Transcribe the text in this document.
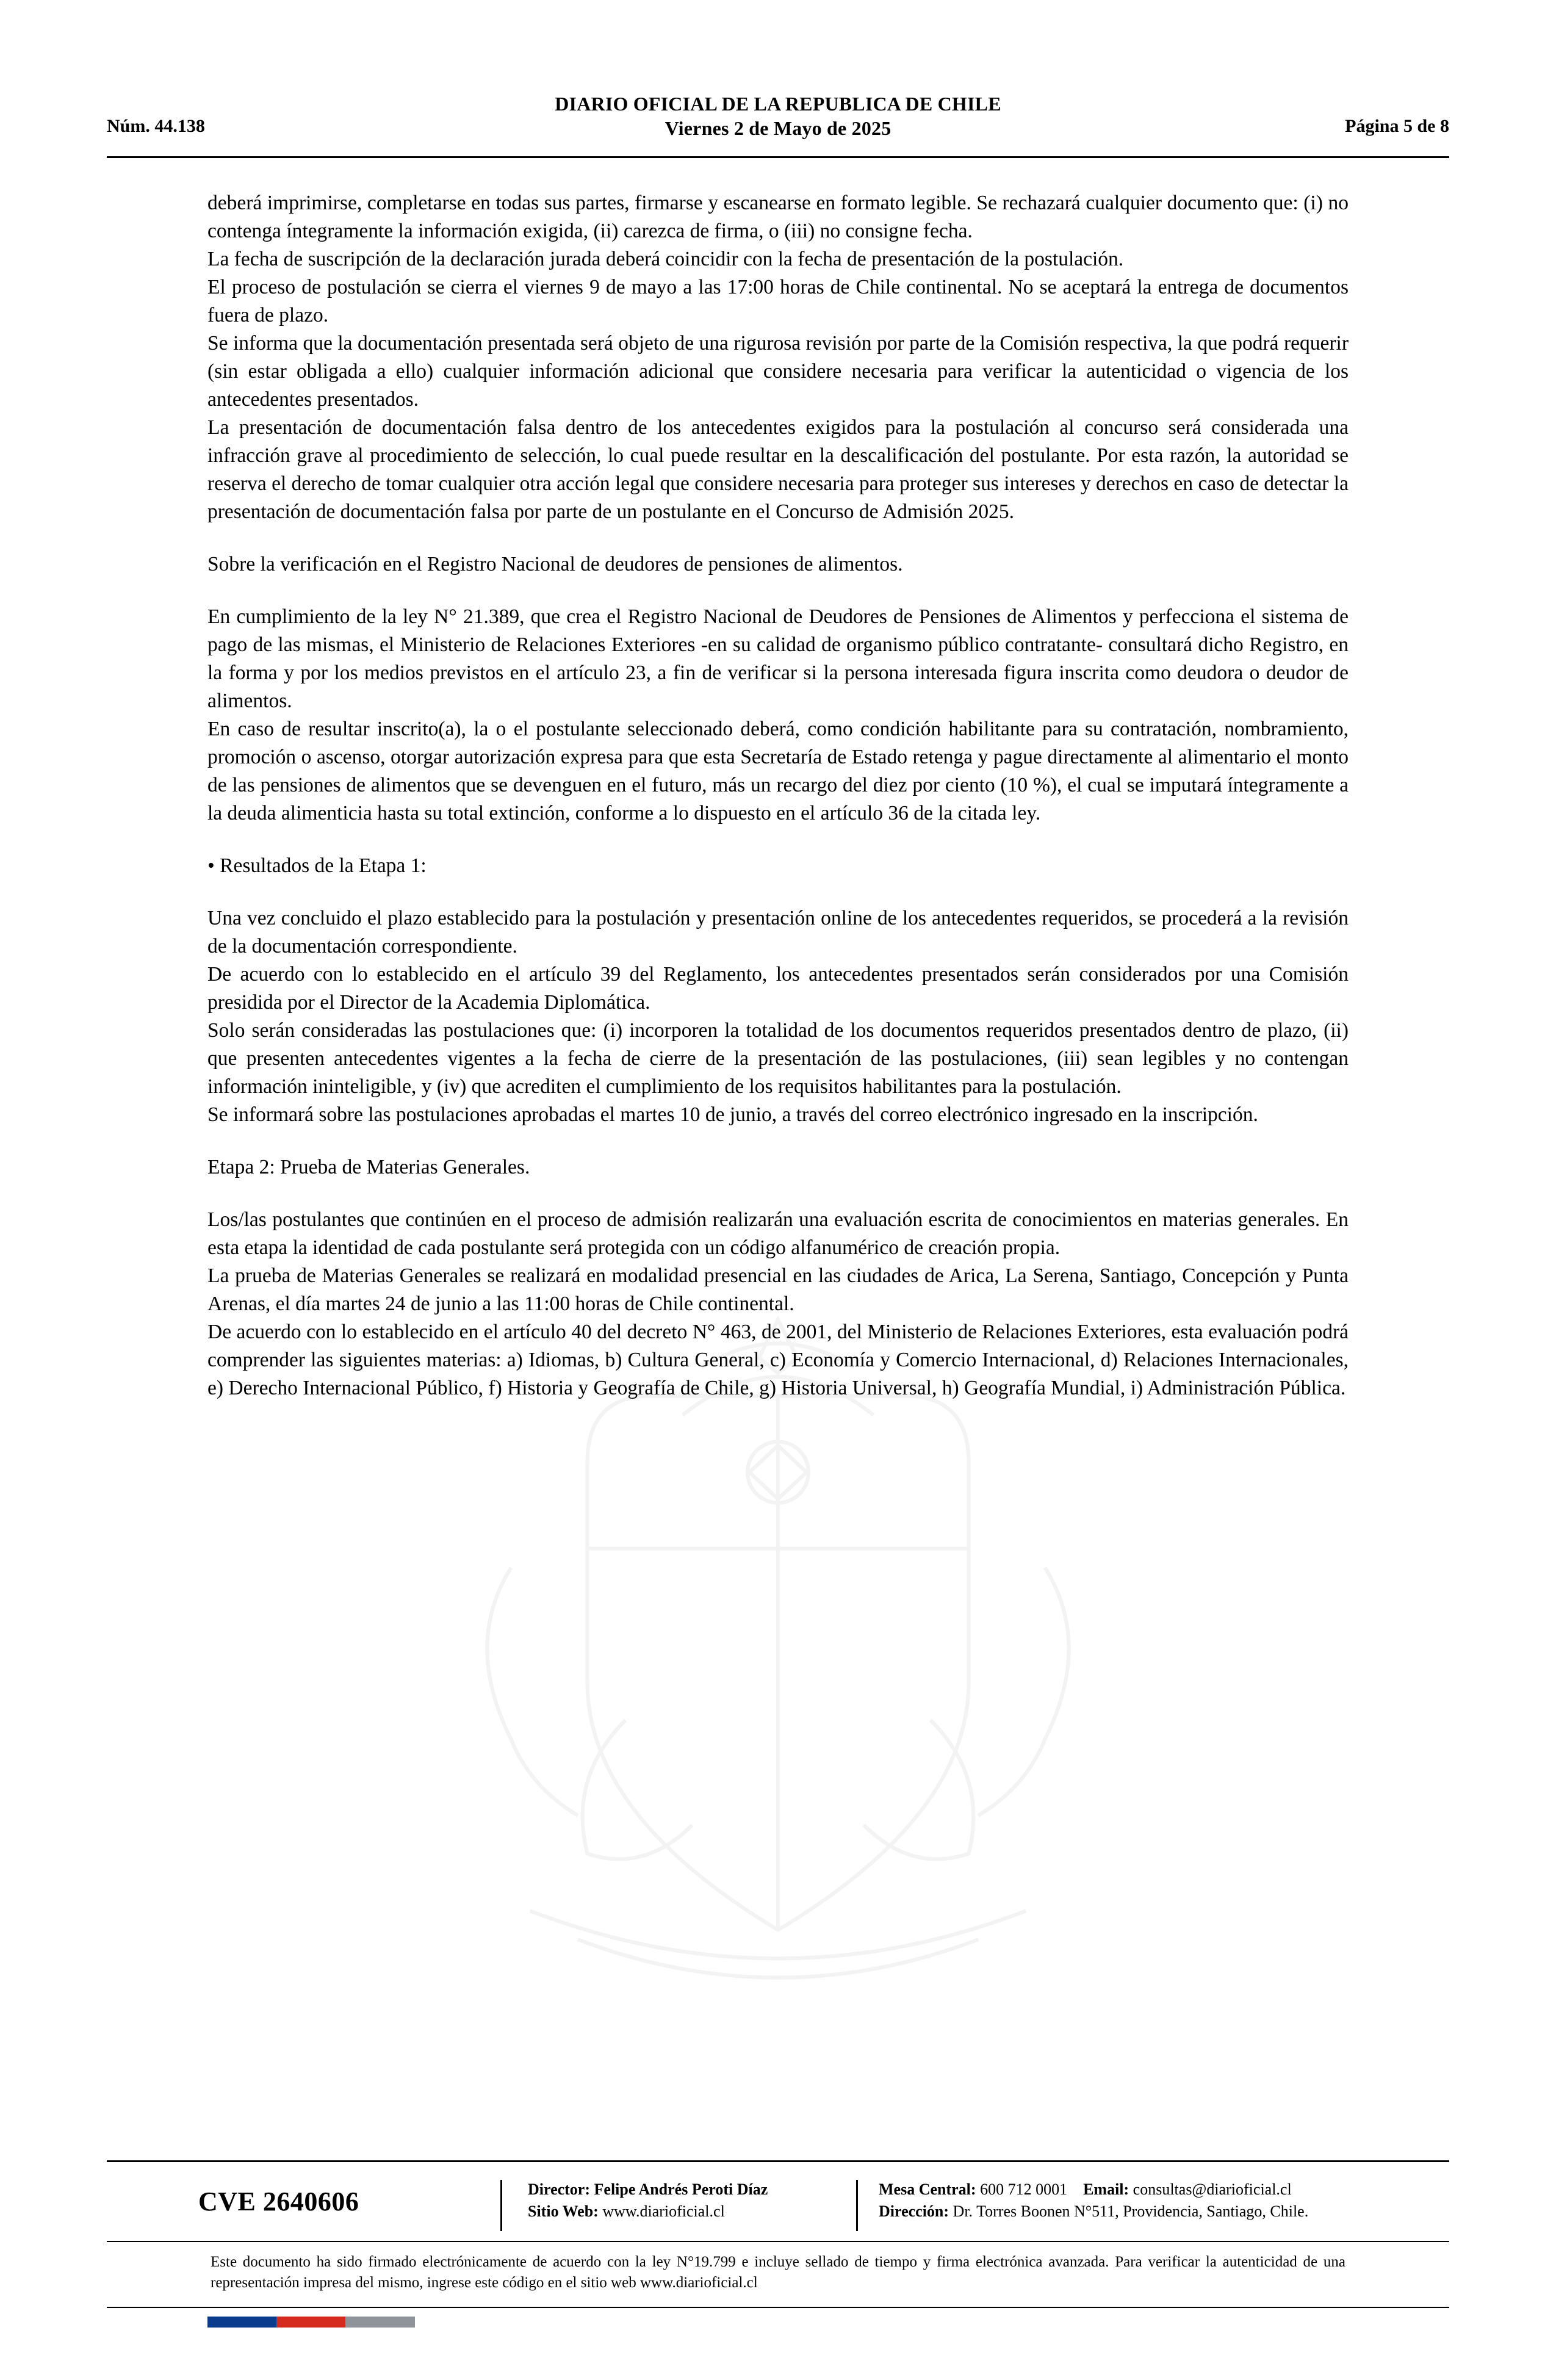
DIARIO OFICIAL DE LA REPUBLICA DE CHILE
Núm. 44.138	Viernes 2 de Mayo de 2025	Página 5 de 8

deberá imprimirse, completarse en todas sus partes, firmarse y escanearse en formato legible. Se rechazará cualquier documento que: (i) no contenga íntegramente la información exigida, (ii) carezca de firma, o (iii) no consigne fecha.

La fecha de suscripción de la declaración jurada deberá coincidir con la fecha de presentación de la postulación.

El proceso de postulación se cierra el viernes 9 de mayo a las 17:00 horas de Chile continental. No se aceptará la entrega de documentos fuera de plazo.

Se informa que la documentación presentada será objeto de una rigurosa revisión por parte de la Comisión respectiva, la que podrá requerir (sin estar obligada a ello) cualquier información adicional que considere necesaria para verificar la autenticidad o vigencia de los antecedentes presentados.

La presentación de documentación falsa dentro de los antecedentes exigidos para la postulación al concurso será considerada una infracción grave al procedimiento de selección, lo cual puede resultar en la descalificación del postulante. Por esta razón, la autoridad se reserva el derecho de tomar cualquier otra acción legal que considere necesaria para proteger sus intereses y derechos en caso de detectar la presentación de documentación falsa por parte de un postulante en el Concurso de Admisión 2025.

Sobre la verificación en el Registro Nacional de deudores de pensiones de alimentos.

En cumplimiento de la ley N° 21.389, que crea el Registro Nacional de Deudores de Pensiones de Alimentos y perfecciona el sistema de pago de las mismas, el Ministerio de Relaciones Exteriores -en su calidad de organismo público contratante- consultará dicho Registro, en la forma y por los medios previstos en el artículo 23, a fin de verificar si la persona interesada figura inscrita como deudora o deudor de alimentos.

En caso de resultar inscrito(a), la o el postulante seleccionado deberá, como condición habilitante para su contratación, nombramiento, promoción o ascenso, otorgar autorización expresa para que esta Secretaría de Estado retenga y pague directamente al alimentario el monto de las pensiones de alimentos que se devenguen en el futuro, más un recargo del diez por ciento (10 %), el cual se imputará íntegramente a la deuda alimenticia hasta su total extinción, conforme a lo dispuesto en el artículo 36 de la citada ley.

• Resultados de la Etapa 1:

Una vez concluido el plazo establecido para la postulación y presentación online de los antecedentes requeridos, se procederá a la revisión de la documentación correspondiente.

De acuerdo con lo establecido en el artículo 39 del Reglamento, los antecedentes presentados serán considerados por una Comisión presidida por el Director de la Academia Diplomática.

Solo serán consideradas las postulaciones que: (i) incorporen la totalidad de los documentos requeridos presentados dentro de plazo, (ii) que presenten antecedentes vigentes a la fecha de cierre de la presentación de las postulaciones, (iii) sean legibles y no contengan información ininteligible, y (iv) que acrediten el cumplimiento de los requisitos habilitantes para la postulación.

Se informará sobre las postulaciones aprobadas el martes 10 de junio, a través del correo electrónico ingresado en la inscripción.

Etapa 2: Prueba de Materias Generales.

Los/las postulantes que continúen en el proceso de admisión realizarán una evaluación escrita de conocimientos en materias generales. En esta etapa la identidad de cada postulante será protegida con un código alfanumérico de creación propia.

La prueba de Materias Generales se realizará en modalidad presencial en las ciudades de Arica, La Serena, Santiago, Concepción y Punta Arenas, el día martes 24 de junio a las 11:00 horas de Chile continental.

De acuerdo con lo establecido en el artículo 40 del decreto N° 463, de 2001, del Ministerio de Relaciones Exteriores, esta evaluación podrá comprender las siguientes materias: a) Idiomas, b) Cultura General, c) Economía y Comercio Internacional, d) Relaciones Internacionales, e) Derecho Internacional Público, f) Historia y Geografía de Chile, g) Historia Universal, h) Geografía Mundial, i) Administración Pública.

CVE 2640606	Director: Felipe Andrés Peroti Díaz
Sitio Web: www.diarioficial.cl
Mesa Central: 600 712 0001 Email: consultas@diarioficial.cl
Dirección: Dr. Torres Boonen N°511, Providencia, Santiago, Chile.
Este documento ha sido firmado electrónicamente de acuerdo con la ley N°19.799 e incluye sellado de tiempo y firma electrónica avanzada. Para verificar la autenticidad de una representación impresa del mismo, ingrese este código en el sitio web www.diarioficial.cl
